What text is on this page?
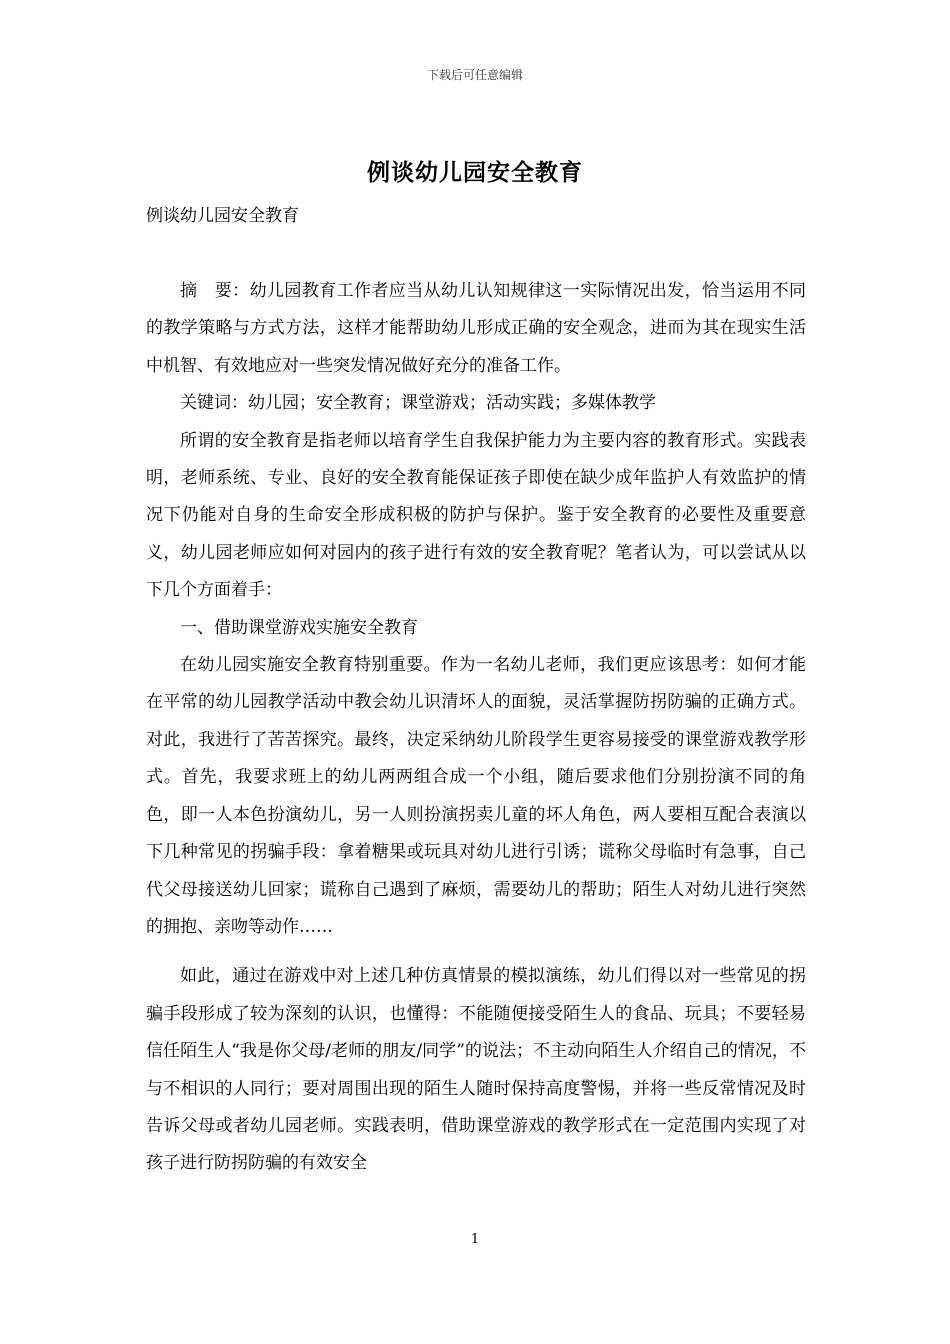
下载后可任意编辑
例谈幼儿园安全教育
例谈幼儿园安全教育

摘　要：幼儿园教育工作者应当从幼儿认知规律这一实际情况出发，恰当运用不同的教学策略与方式方法，这样才能帮助幼儿形成正确的安全观念，进而为其在现实生活中机智、有效地应对一些突发情况做好充分的准备工作。

关键词：幼儿园；安全教育；课堂游戏；活动实践；多媒体教学

所谓的安全教育是指老师以培育学生自我保护能力为主要内容的教育形式。实践表明，老师系统、专业、良好的安全教育能保证孩子即使在缺少成年监护人有效监护的情况下仍能对自身的生命安全形成积极的防护与保护。鉴于安全教育的必要性及重要意义，幼儿园老师应如何对园内的孩子进行有效的安全教育呢？笔者认为，可以尝试从以下几个方面着手：

一、借助课堂游戏实施安全教育

在幼儿园实施安全教育特别重要。作为一名幼儿老师，我们更应该思考：如何才能在平常的幼儿园教学活动中教会幼儿识清坏人的面貌，灵活掌握防拐防骗的正确方式。对此，我进行了苦苦探究。最终，决定采纳幼儿阶段学生更容易接受的课堂游戏教学形式。首先，我要求班上的幼儿两两组合成一个小组，随后要求他们分别扮演不同的角色，即一人本色扮演幼儿，另一人则扮演拐卖儿童的坏人角色，两人要相互配合表演以下几种常见的拐骗手段：拿着糖果或玩具对幼儿进行引诱；谎称父母临时有急事，自己代父母接送幼儿回家；谎称自己遇到了麻烦，需要幼儿的帮助；陌生人对幼儿进行突然的拥抱、亲吻等动作……

如此，通过在游戏中对上述几种仿真情景的模拟演练，幼儿们得以对一些常见的拐骗手段形成了较为深刻的认识，也懂得：不能随便接受陌生人的食品、玩具；不要轻易信任陌生人“我是你父母/老师的朋友/同学”的说法；不主动向陌生人介绍自己的情况，不与不相识的人同行；要对周围出现的陌生人随时保持高度警惕，并将一些反常情况及时告诉父母或者幼儿园老师。实践表明，借助课堂游戏的教学形式在一定范围内实现了对孩子进行防拐防骗的有效安全

1
